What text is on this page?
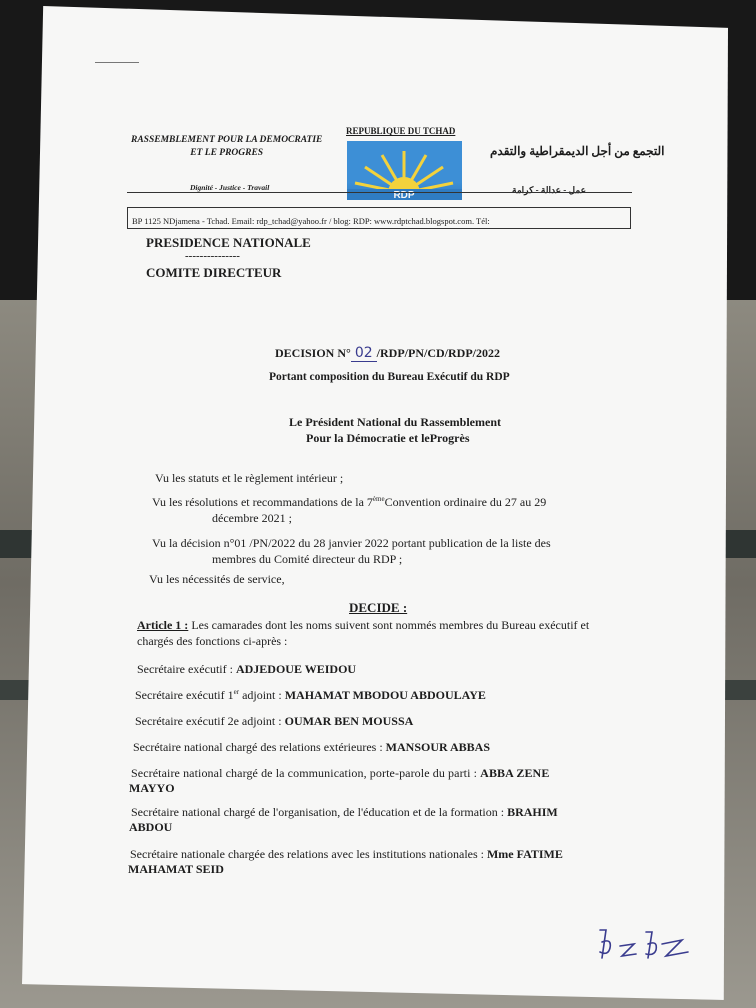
RASSEMBLEMENT POUR LA DEMOCRATIE
ET LE PROGRES
Dignité - Justice - Travail
REPUBLIQUE DU TCHAD
RDP
التجمع من أجل الديمقراطية والتقدم
عمل - عدالة - كرامة
BP 1125 NDjamena - Tchad. Email: rdp_tchad@yahoo.fr / blog: RDP: www.rdptchad.blogspot.com. Tél:
PRESIDENCE NATIONALE
---------------
COMITE DIRECTEUR
DECISION N° 02 /RDP/PN/CD/RDP/2022
Portant composition du Bureau Exécutif du RDP
Le Président National du Rassemblement
Pour la Démocratie et leProgrès
Vu les statuts et le règlement intérieur ;
Vu les résolutions et recommandations de la 7èmeConvention ordinaire du 27 au 29
décembre 2021 ;
Vu la décision n°01 /PN/2022 du 28 janvier 2022 portant publication de la liste des
membres du Comité directeur du RDP ;
Vu les nécessités de service,
DECIDE :
Article 1 : Les camarades dont les noms suivent sont nommés membres du Bureau exécutif et
chargés des fonctions ci-après :
Secrétaire exécutif : ADJEDOUE WEIDOU
Secrétaire exécutif 1er adjoint : MAHAMAT MBODOU ABDOULAYE
Secrétaire exécutif 2e adjoint : OUMAR BEN MOUSSA
Secrétaire national chargé des relations extérieures : MANSOUR ABBAS
Secrétaire national chargé de la communication, porte-parole du parti : ABBA ZENE
MAYYO
Secrétaire national chargé de l'organisation, de l'éducation et de la formation : BRAHIM
ABDOU
Secrétaire nationale chargée des relations avec les institutions nationales : Mme FATIME
MAHAMAT SEID
